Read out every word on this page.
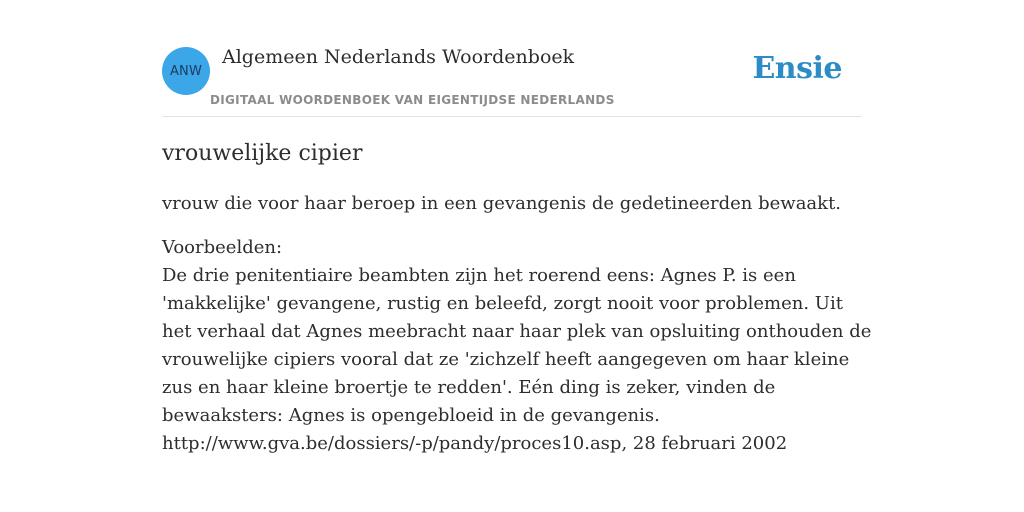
ANW
Algemeen Nederlands Woordenboek
DIGITAAL WOORDENBOEK VAN EIGENTIJDSE NEDERLANDS
Ensie
vrouwelijke cipier

vrouw die voor haar beroep in een gevangenis de gedetineerden bewaakt.

Voorbeelden:
De drie penitentiaire beambten zijn het roerend eens: Agnes P. is een 'makkelijke' gevangene, rustig en beleefd, zorgt nooit voor problemen. Uit het verhaal dat Agnes meebracht naar haar plek van opsluiting onthouden de vrouwelijke cipiers vooral dat ze 'zichzelf heeft aangegeven om haar kleine zus en haar kleine broertje te redden'. Eén ding is zeker, vinden de bewaaksters: Agnes is opengebloeid in de gevangenis.
http://www.gva.be/dossiers/-p/pandy/proces10.asp, 28 februari 2002
